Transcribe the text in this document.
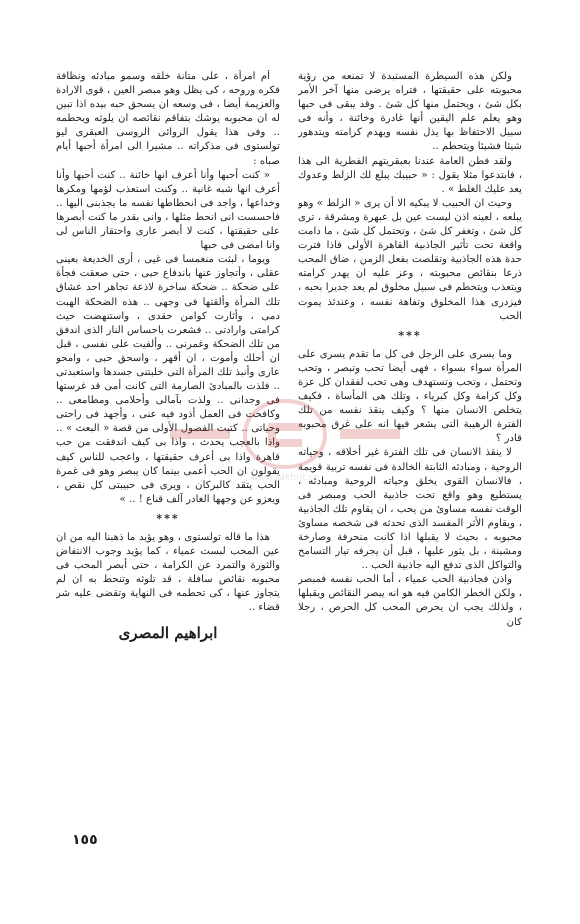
ولكن هذه السيطرة المستبدة لا تمنعه من رؤية محبوبته على حقيقتها ، فتراه يرضى منها آخر الأمر بكل شئ ، ويحتمل منها كل شئ . وقد يبقى فى حبها وهو يعلم علم اليقين أنها غادرة وخائنة ، وأنه فى سبيل الاحتفاظ بها يذل نفسه ويهدم كرامته ويتدهور شيئا فشيئا ويتحطم ..

ولقد فطن العامة عندنا بعبقريتهم الفطرية الى هذا ، فابتدعوا مثلا يقول : « حبيبك يبلع لك الزلط وعدوك يعد عليك الغلط » .

وحيث ان الحبيب لا يبكيه الا أن يرى « الزلط » وهو يبلعه ، لعينه اذن ليست عين بل عبهرة ومشرقة ، ترى كل شئ ، وتغفر كل شئ ، وتحتمل كل شئ ، ما دامت واقعة تحت تأثير الجاذبية القاهرة الأولى فاذا فترت حدة هذه الجاذبية وتقلصت بفعل الزمن ، ضاق المحب ذرعا بنقائص محبوبته ، وعز عليه ان يهدر كرامته ويتعذب ويتحطم فى سبيل مخلوق لم يعد جديرا بحبه ، فيزدرى هذا المخلوق وتفاهة نفسه ، وعندئذ يموت الحب

***

وما يسرى على الرجل فى كل ما تقدم يسرى على المرأة سواء بسواء ، فهى أيضا تحب وتبصر ، وتحب وتحتمل ، وتحب وتستهدف وهى تحب لفقدان كل عزة وكل كرامة وكل كبرياء ، وتلك هى المأساة ، فكيف يتخلص الانسان منها ؟ وكيف ينقذ نفسه من تلك الفترة الرهيبة التى يشعر فيها انه على غرق محبوبه قادر ؟

لا ينقذ الانسان فى تلك الفترة غير أخلاقه ، وحياته الروحية ، ومبادئه الثابتة الخالدة فى نفسه تربية قويمة ، فالانسان القوى يخلق وحياته الروحية ومبادئه ، يستطيع وهو واقع تحت جاذبية الحب ومبصر فى الوقت نفسه مساوئ من يحب ، ان يقاوم تلك الجاذبية ، ويقاوم الأثر المفسد الذى تحدثه فى شخصه مساوئ محبوبه ، بحيث لا يقبلها اذا كانت منحرفة وصارخة ومشينة ، بل يثور عليها ، قبل أن يجرفه تيار التسامح والتواكل الذى تدفع اليه جاذبية الحب ..

واذن فجاذبية الحب عمياء ، أما الحب نفسه فمبصر ، ولكن الخطر الكامن فيه هو انه يبصر النقائص ويقبلها ، ولذلك يجب ان يحرص المحب كل الحرص ، رجلا كان

أم امرأة ، على متانة خلقه وسمو مبادئه ونظافة فكره وروحه ، كى يظل وهو مبصر العين ، قوى الارادة والعزيمة أيضا ، فى وسعه ان يسحق حبه بيده اذا تبين له ان محبوبه يوشك بتفاقم نقائصه ان يلوثه ويحطمه .. وفى هذا يقول الروائى الروسى العبقرى ليو تولستوى فى مذكراته .. مشيرا الى امرأة أحبها أيام صباه :

« كنت أحبها وأنا أعرف انها خائنة .. كنت أحبها وأنا أعرف انها شبه غانية .. وكنت استعذب لؤمها ومكرها وخداعها ، واجد فى انحطاطها نفسه ما يجذبنى اليها .. فاحسست انى انحط مثلها ، وانى بقدر ما كنت أبصرها على حقيقتها ، كنت لا أبصر عارى واحتقار الناس لى وانا امضى فى حبها

ويوما ، لبثت منغمسا فى غيى ، أرى الخديعة بعينى عقلى ، وأتجاوز عنها باندفاع حبى ، حتى صعقت فجأة على ضحكة .. ضحكة ساخرة لاذعة تجاهر احد عشاق تلك المرأة وألقتها فى وجهى .. هذه الضحكة الهبت دمى ، وأثارت كوامن حقدى ، واستنهضت حيث كرامتى وارادتى .. فشعرت باحساس النار الذى اندفق من تلك الضحكة وغمرنى .. وألفيت على نفسى ، قبل ان أحلك وأموت ، ان أقهر ، واسحق حبى ، وامحو عارى وأنبذ تلك المرأة التى خلبتنى جسدها واستعبدتى .. فلذت بالمبادئ الصارمة التى كانت أمى قد غرستها فى وجدانى .. ولذت بآمالى وأحلامى ومطامعى .. وكافحت فى العمل أذود فيه عنى ، وأجهد فى راحتى وحياتى .. كتبت الفصول الأولى من قصة « البعث » .. واذا بالعجب يحدث ، واذا بى كيف اندفقت من حب قاهرة واذا بى أعرف حقيقتها ، واعجب للناس كيف يقولون ان الحب أعمى بينما كان يبصر وهو فى غمرة الحب يتقد كالبركان ، ويرى فى حبيبتى كل نقص ، ويعزو عن وجهها الغادر آلف قناع ! .. »

***

هذا ما قاله تولستوى ، وهو يؤيد ما ذهبنا اليه من ان عين المحب لبست عمياء ، كما يؤيد وجوب الانتفاض والثورة والتمرد عن الكرامة ، حتى أبصر المحب فى محبوبه نقائص سافلة ، قد تلوثه وتنحط به ان لم يتجاوز عنها ، كى تحطمه فى النهاية وتقضى عليه شر قضاء ..

ابراهيم المصرى
١٥٥
www.sakhrit.co
